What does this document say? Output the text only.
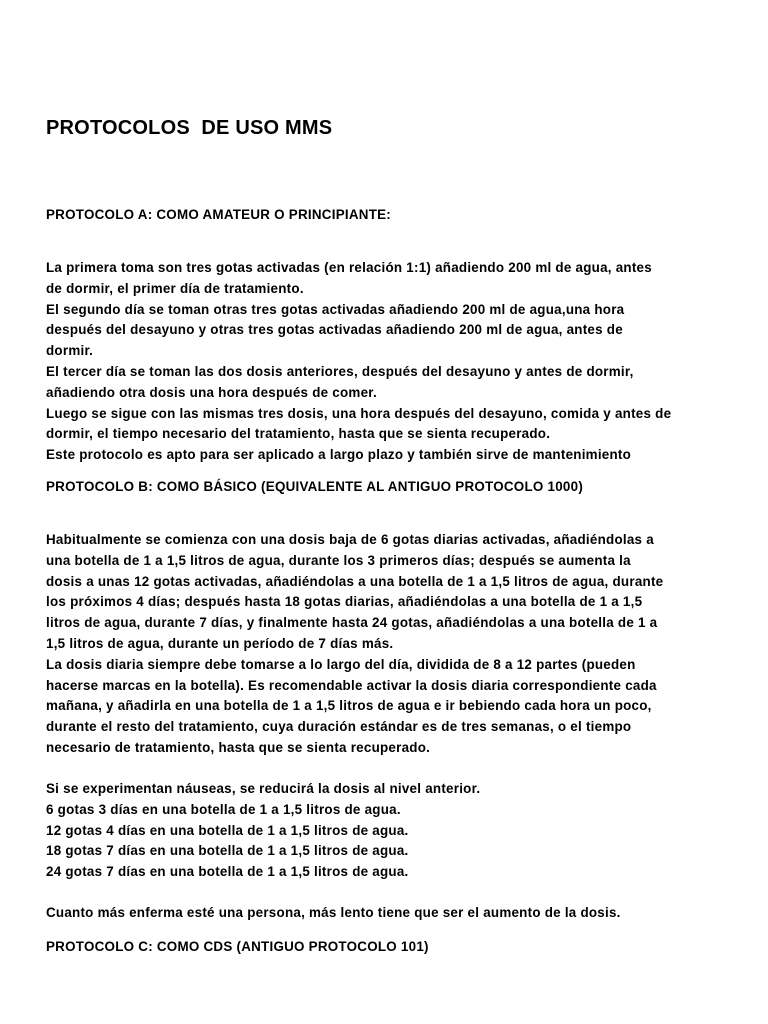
PROTOCOLOS  DE USO MMS
PROTOCOLO A: COMO AMATEUR O PRINCIPIANTE:
La primera toma son tres gotas activadas (en relación 1:1) añadiendo 200 ml de agua, antes
de dormir, el primer día de tratamiento.
El segundo día se toman otras tres gotas activadas añadiendo 200 ml de agua,una hora
después del desayuno y otras tres gotas activadas añadiendo 200 ml de agua, antes de
dormir.
El tercer día se toman las dos dosis anteriores, después del desayuno y antes de dormir,
añadiendo otra dosis una hora después de comer.
Luego se sigue con las mismas tres dosis, una hora después del desayuno, comida y antes de
dormir, el tiempo necesario del tratamiento, hasta que se sienta recuperado.
Este protocolo es apto para ser aplicado a largo plazo y también sirve de mantenimiento
PROTOCOLO B: COMO BÁSICO (EQUIVALENTE AL ANTIGUO PROTOCOLO 1000)
Habitualmente se comienza con una dosis baja de 6 gotas diarias activadas, añadiéndolas a
una botella de 1 a 1,5 litros de agua, durante los 3 primeros días; después se aumenta la
dosis a unas 12 gotas activadas, añadiéndolas a una botella de 1 a 1,5 litros de agua, durante
los próximos 4 días; después hasta 18 gotas diarias, añadiéndolas a una botella de 1 a 1,5
litros de agua, durante 7 días, y finalmente hasta 24 gotas, añadiéndolas a una botella de 1 a
1,5 litros de agua, durante un período de 7 días más.
La dosis diaria siempre debe tomarse a lo largo del día, dividida de 8 a 12 partes (pueden
hacerse marcas en la botella). Es recomendable activar la dosis diaria correspondiente cada
mañana, y añadirla en una botella de 1 a 1,5 litros de agua e ir bebiendo cada hora un poco,
durante el resto del tratamiento, cuya duración estándar es de tres semanas, o el tiempo
necesario de tratamiento, hasta que se sienta recuperado.
Si se experimentan náuseas, se reducirá la dosis al nivel anterior.
6 gotas 3 días en una botella de 1 a 1,5 litros de agua.
12 gotas 4 días en una botella de 1 a 1,5 litros de agua.
18 gotas 7 días en una botella de 1 a 1,5 litros de agua.
24 gotas 7 días en una botella de 1 a 1,5 litros de agua.
Cuanto más enferma esté una persona, más lento tiene que ser el aumento de la dosis.
PROTOCOLO C: COMO CDS (ANTIGUO PROTOCOLO 101)
